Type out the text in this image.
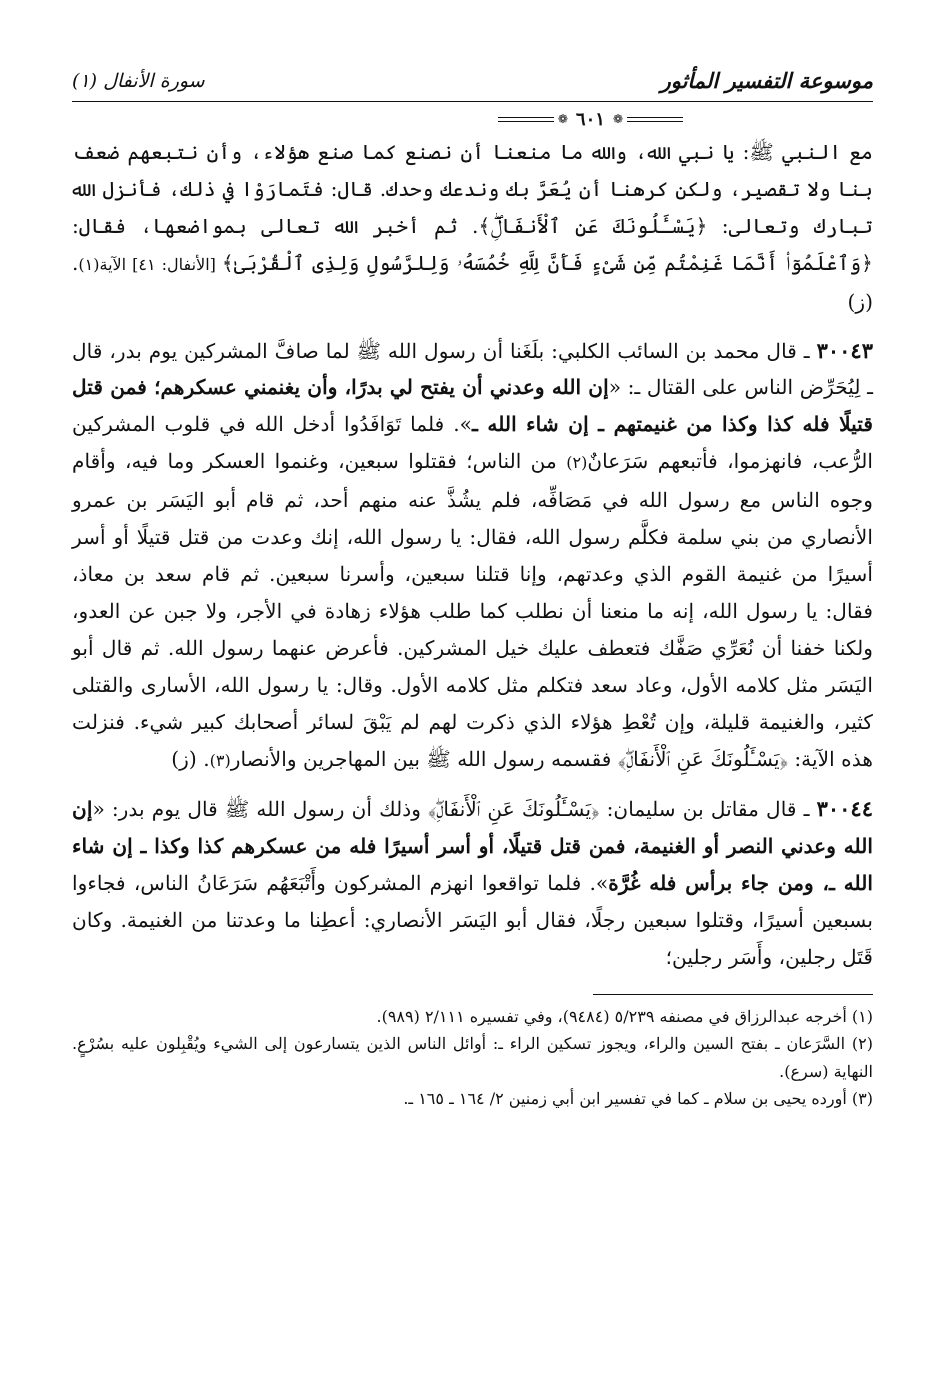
موسوعة التفسير المأثور
سورة الأنفال (١)
❁ ٦٠١ ❁

مع النبي ﷺ: يا نبي الله، والله ما منعنا أن نصنع كما صنع هؤلاء، وأن نتبعهم ضعف بنا ولا تقصير، ولكن كرهنا أن يُعَرَّ بك وندعك وحدك. قال: فتَمارَوْا في ذلك، فأنزل الله تبارك وتعالى: ﴿يَسْـَٔلُونَكَ عَنِ ٱلْأَنفَالِۖ﴾. ثم أخبر الله تعالى بمواضعها، فقال: ﴿وَٱعْلَمُوٓا۟ أَنَّمَا غَنِمْتُم مِّن شَىْءٍ فَأَنَّ لِلَّهِ خُمُسَهُۥ وَلِلرَّسُولِ وَلِذِى ٱلْقُرْبَىٰ﴾ [الأنفال: ٤١] الآية(١). (ز)

٣٠٠٤٣ ـ قال محمد بن السائب الكلبي: بلَغَنا أن رسول الله ﷺ لما صافَّ المشركين يوم بدر، قال ـ لِيُحَرِّض الناس على القتال ـ: «إن الله وعدني أن يفتح لي بدرًا، وأن يغنمني عسكرهم؛ فمن قتل قتيلًا فله كذا وكذا من غنيمتهم ـ إن شاء الله ـ». فلما تَوَافَدُوا أدخل الله في قلوب المشركين الرُّعب، فانهزموا، فأتبعهم سَرَعانٌ(٢) من الناس؛ فقتلوا سبعين، وغنموا العسكر وما فيه، وأقام وجوه الناس مع رسول الله في مَصَافِّه، فلم يشُذَّ عنه منهم أحد، ثم قام أبو اليَسَر بن عمرو الأنصاري من بني سلمة فكلَّم رسول الله، فقال: يا رسول الله، إنك وعدت من قتل قتيلًا أو أسر أسيرًا من غنيمة القوم الذي وعدتهم، وإنا قتلنا سبعين، وأسرنا سبعين. ثم قام سعد بن معاذ، فقال: يا رسول الله، إنه ما منعنا أن نطلب كما طلب هؤلاء زهادة في الأجر، ولا جبن عن العدو، ولكنا خفنا أن نُعَرِّي صَفَّك فتعطف عليك خيل المشركين. فأعرض عنهما رسول الله. ثم قال أبو اليَسَر مثل كلامه الأول، وعاد سعد فتكلم مثل كلامه الأول. وقال: يا رسول الله، الأسارى والقتلى كثير، والغنيمة قليلة، وإن تُعْطِ هؤلاء الذي ذكرت لهم لم يَبْقَ لسائر أصحابك كبير شيء. فنزلت هذه الآية: ﴿يَسْـَٔلُونَكَ عَنِ ٱلْأَنفَالِۖ﴾ فقسمه رسول الله ﷺ بين المهاجرين والأنصار(٣). (ز)

٣٠٠٤٤ ـ قال مقاتل بن سليمان: ﴿يَسْـَٔلُونَكَ عَنِ ٱلْأَنفَالِۖ﴾ وذلك أن رسول الله ﷺ قال يوم بدر: «إن الله وعدني النصر أو الغنيمة، فمن قتل قتيلًا، أو أسر أسيرًا فله من عسكرهم كذا وكذا ـ إن شاء الله ـ، ومن جاء برأس فله غُرَّة». فلما تواقعوا انهزم المشركون وأَتْبَعَهُم سَرَعَانُ الناس، فجاءوا بسبعين أسيرًا، وقتلوا سبعين رجلًا، فقال أبو اليَسَر الأنصاري: أعطِنا ما وعدتنا من الغنيمة. وكان قَتَل رجلين، وأَسَر رجلين؛

(١) أخرجه عبدالرزاق في مصنفه ٥/٢٣٩ (٩٤٨٤)، وفي تفسيره ٢/١١١ (٩٨٩).

(٢) السَّرَعان ـ بفتح السين والراء، ويجوز تسكين الراء ـ: أوائل الناس الذين يتسارعون إلى الشيء ويُقْبِلون عليه بسُرْعٍ. النهاية (سرع).

(٣) أورده يحيى بن سلام ـ كما في تفسير ابن أبي زمنين ٢/ ١٦٤ ـ ١٦٥ ـ.
